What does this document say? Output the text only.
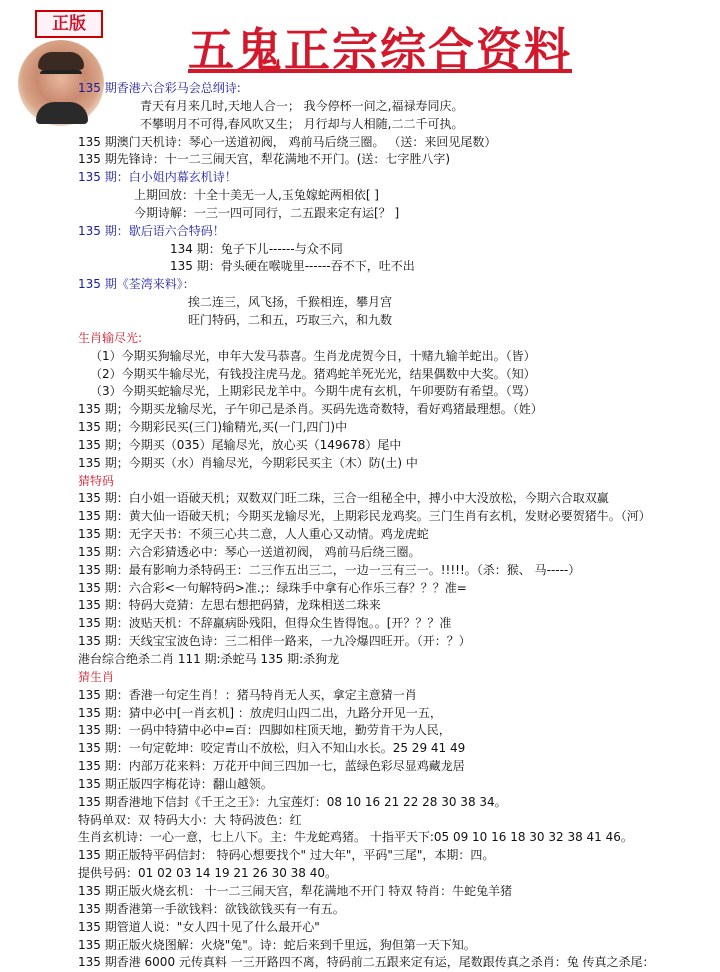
正版	五鬼正宗综合资料
135 期香港六合彩马会总纲诗:
青天有月来几时,天地人合一； 我今停杯一问之,福禄寿同庆。
不攀明月不可得,春风吹又生； 月行却与人相随,二二千可执。
135 期澳门天机诗：琴心一送道初阀， 鸡前马后绕三圈。 （送：来回见尾数）
135 期先锋诗：十一二三闹天宫，犁花满地不开门。(送：七字胜八字)
135 期：白小姐内幕玄机诗！
上期回放：十全十美无一人,玉兔嫁蛇两相依[ ]
今期诗解：一三一四可同行，二五跟来定有运[？ ]
135 期：歇后语六合特码！
134 期：兔子下儿------与众不同
135 期：骨头硬在喉咙里------吞不下，吐不出
135 期《荃湾来料》：
挨二连三，风飞扬，千猴相连，攀月宫
旺门特码，二和五，巧取三六，和九数
生肖输尽光:
（1）今期买狗输尽光，申年大发马恭喜。生肖龙虎贺今日，十赌九输羊蛇出。（皆）
（2）今期买牛输尽光，有钱投注虎马龙。猪鸡蛇羊死光光，结果偶数中大奖。（知）
（3）今期买蛇输尽光，上期彩民龙羊中。今期牛虎有玄机，午卯要防有希望。（骂）
135 期；今期买龙输尽光，子午卯己是杀肖。买码先选奇数特，看好鸡猪最理想。（姓）
135 期；今期彩民买(三门)输精光,买(一门,四门)中
135 期；今期买（035）尾输尽光，放心买（149678）尾中
135 期；今期买（水）肖输尽光，今期彩民买主（木）防(土) 中
猜特码
135 期：白小姐一语破天机；双数双门旺二珠，三合一组秘全中，搏小中大没放松，今期六合取双赢
135 期：黄大仙一语破天机；今期买龙输尽光，上期彩民龙鸡奖。三门生肖有玄机，发财必要贺猪牛。（河）
135 期：无字天书：不须三心共二意，人人重心又动情。鸡龙虎蛇
135 期：六合彩猜透必中：琴心一送道初阀， 鸡前马后绕三圈。
135 期：最有影响力杀特码王：二三作五出三二，一边一三有三一。!!!!!。（杀：猴、 马-----）
135 期：六合彩<一句解特码>准.;：绿珠手中拿有心作乐三春？？？准=
135 期：特码大竞猜：左思右想把码猜，龙珠相送二珠来
135 期：波贴天机：不辞羸病卧残阳，但得众生皆得饱。。[开？？？准
135 期：天线宝宝波色诗：三二相伴一路来，一九冷爆四旺开。（开：？）
港台综合绝杀二肖 111 期:杀蛇马 135 期:杀狗龙
猜生肖
135 期：香港一句定生肖！：猪马特肖无人买，拿定主意猜一肖
135 期：猜中必中[一肖玄机] ：放虎归山四二出，九路分开见一五，
135 期：一码中特猜中必中=百：四脚如柱顶天地，勤劳肯干为人民，
135 期：一句定乾坤：咬定青山不放松，归入不知山水长。25 29 41 49
135 期：内部万花来料：万花开中间三四加一七，蓝绿色彩尽显鸡藏龙居
135 期正版四字梅花诗：翻山越领。
135 期香港地下信封《千王之王》：九宝莲灯：08 10 16 21 22 28 30 38 34。
特码单双：双 特码大小：大 特码波色：红
生肖玄机诗：一心一意，七上八下。主：牛龙蛇鸡猪。 十指平天下:05 09 10 16 18 30 32 38 41 46。
135 期正版特平码信封： 特码心想要找个" 过大年"，平码"三尾"，本期：四。
提供号码：01 02 03 14 19 21 26 30 38 40。
135 期正版火烧玄机： 十一二三闹天宫，犁花满地不开门 特双 特肖：牛蛇兔羊猪
135 期香港第一手欲钱料：欲钱欲钱买有一有五。
135 期管道人说："女人四十见了什么最开心"
135 期正版火烧图解：火烧"兔"。诗：蛇后来到千里远，狗但第一天下知。
135 期香港 6000 元传真料 一三开路四不离，特码前二五跟来定有运，尾数跟传真之杀肖：兔 传真之杀尾：
